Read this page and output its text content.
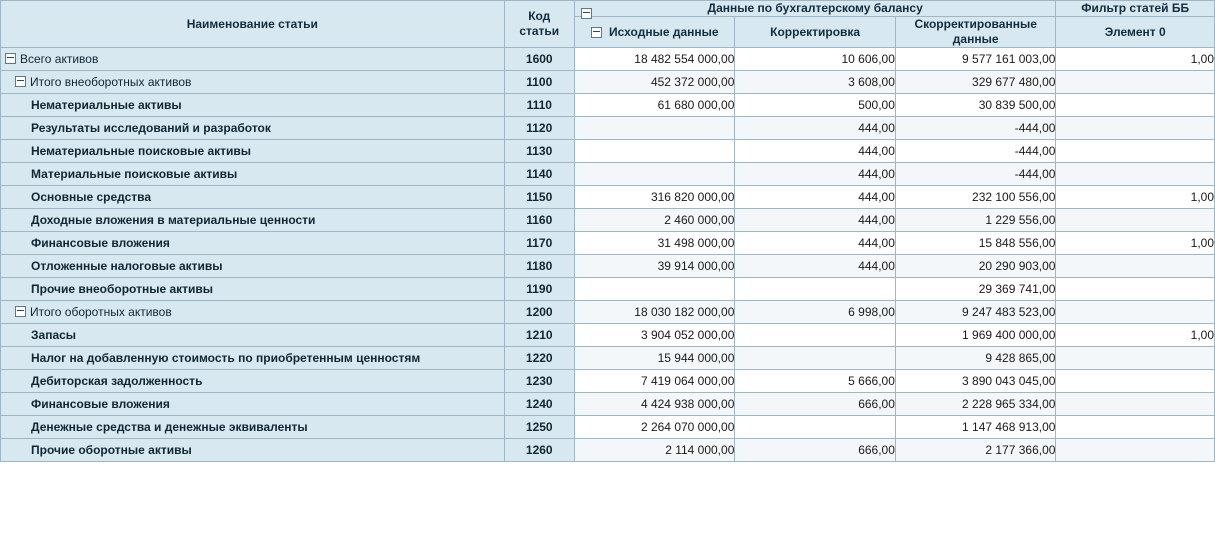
Наименование статьи	Код
статьи	Данные по бухгалтерскому балансу			Фильтр статей ББ
		Исходные данные	Корректировка	Скорректированные
данные	Элемент 0

Всего активов	1600	18 482 554 000,00	10 606,00	9 577 161 003,00	1,00

Итого внеоборотных активов	1100	452 372 000,00	3 608,00	329 677 480,00	

Нематериальные активы	1110	61 680 000,00	500,00	30 839 500,00	

Результаты исследований и разработок	1120		444,00	-444,00	

Нематериальные поисковые активы	1130		444,00	-444,00	

Материальные поисковые активы	1140		444,00	-444,00	

Основные средства	1150	316 820 000,00	444,00	232 100 556,00	1,00

Доходные вложения в материальные ценности	1160	2 460 000,00	444,00	1 229 556,00	

Финансовые вложения	1170	31 498 000,00	444,00	15 848 556,00	1,00

Отложенные налоговые активы	1180	39 914 000,00	444,00	20 290 903,00	

Прочие внеоборотные активы	1190			29 369 741,00	

Итого оборотных активов	1200	18 030 182 000,00	6 998,00	9 247 483 523,00	

Запасы	1210	3 904 052 000,00		1 969 400 000,00	1,00

Налог на добавленную стоимость по приобретенным ценностям	1220	15 944 000,00		9 428 865,00	

Дебиторская задолженность	1230	7 419 064 000,00	5 666,00	3 890 043 045,00	

Финансовые вложения	1240	4 424 938 000,00	666,00	2 228 965 334,00	

Денежные средства и денежные эквиваленты	1250	2 264 070 000,00		1 147 468 913,00	

Прочие оборотные активы	1260	2 114 000,00	666,00	2 177 366,00	
